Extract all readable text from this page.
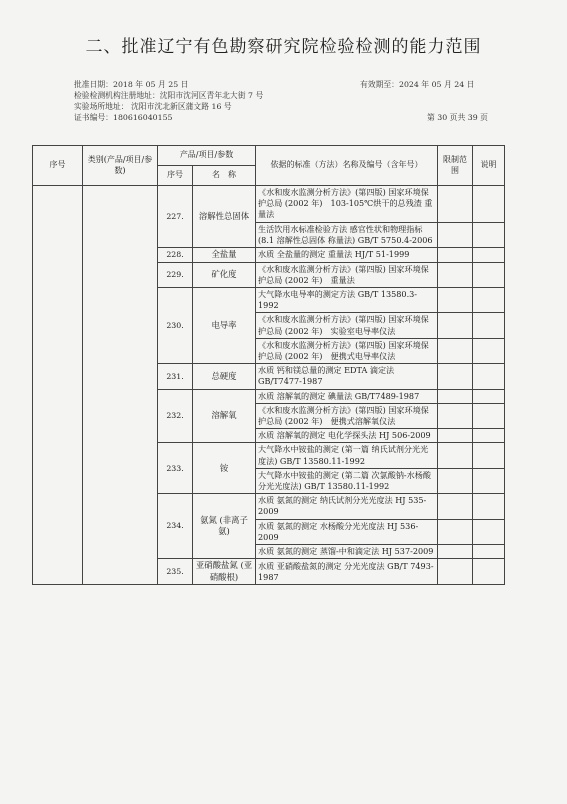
二、批准辽宁有色勘察研究院检验检测的能力范围
批准日期：2018 年 05 月 25 日	有效期至：2024 年 05 月 24 日
检验检测机构注册地址：沈阳市沈河区青年北大街 7 号
实验场所地址： 沈阳市沈北新区蒲文路 16 号
证书编号：180616040155	第 30 页共 39 页
序号	类别(产品/项目/参数)	产品/项目/参数		依据的标准（方法）名称及编号（含年号）	限制范围	说明
		序号	名　称			
		227.	溶解性总固体	《水和废水监测分析方法》(第四版) 国家环境保护总局 (2002 年)　103-105℃烘干的总残渣 重量法		
				生活饮用水标准检验方法 感官性状和物理指标 (8.1 溶解性总固体 称量法) GB/T 5750.4-2006		
		228.	全盐量	水质 全盐量的测定 重量法 HJ/T 51-1999		
		229.	矿化度	《水和废水监测分析方法》(第四版) 国家环境保护总局 (2002 年)　重量法		
		230.	电导率	大气降水电导率的测定方法 GB/T 13580.3-1992		
				《水和废水监测分析方法》(第四版) 国家环境保护总局 (2002 年)　实验室电导率仪法		
				《水和废水监测分析方法》(第四版) 国家环境保护总局 (2002 年)　便携式电导率仪法		
		231.	总硬度	水质 钙和镁总量的测定 EDTA 滴定法 GB/T7477-1987		
		232.	溶解氧	水质 溶解氧的测定 碘量法 GB/T7489-1987		
				《水和废水监测分析方法》(第四版) 国家环境保护总局 (2002 年)　便携式溶解氧仪法		
				水质 溶解氧的测定 电化学探头法 HJ 506-2009		
		233.	铵	大气降水中铵盐的测定 (第一篇 纳氏试剂分光光度法) GB/T 13580.11-1992		
				大气降水中铵盐的测定 (第二篇 次氯酸钠-水杨酸分光光度法) GB/T 13580.11-1992		
		234.	氨氮 (非离子氨)	水质 氨氮的测定 纳氏试剂分光光度法 HJ 535-2009		
				水质 氨氮的测定 水杨酸分光光度法 HJ 536-2009		
				水质 氨氮的测定 蒸馏-中和滴定法 HJ 537-2009		
		235.	亚硝酸盐氮 (亚硝酸根)	水质 亚硝酸盐氮的测定 分光光度法 GB/T 7493-1987		
